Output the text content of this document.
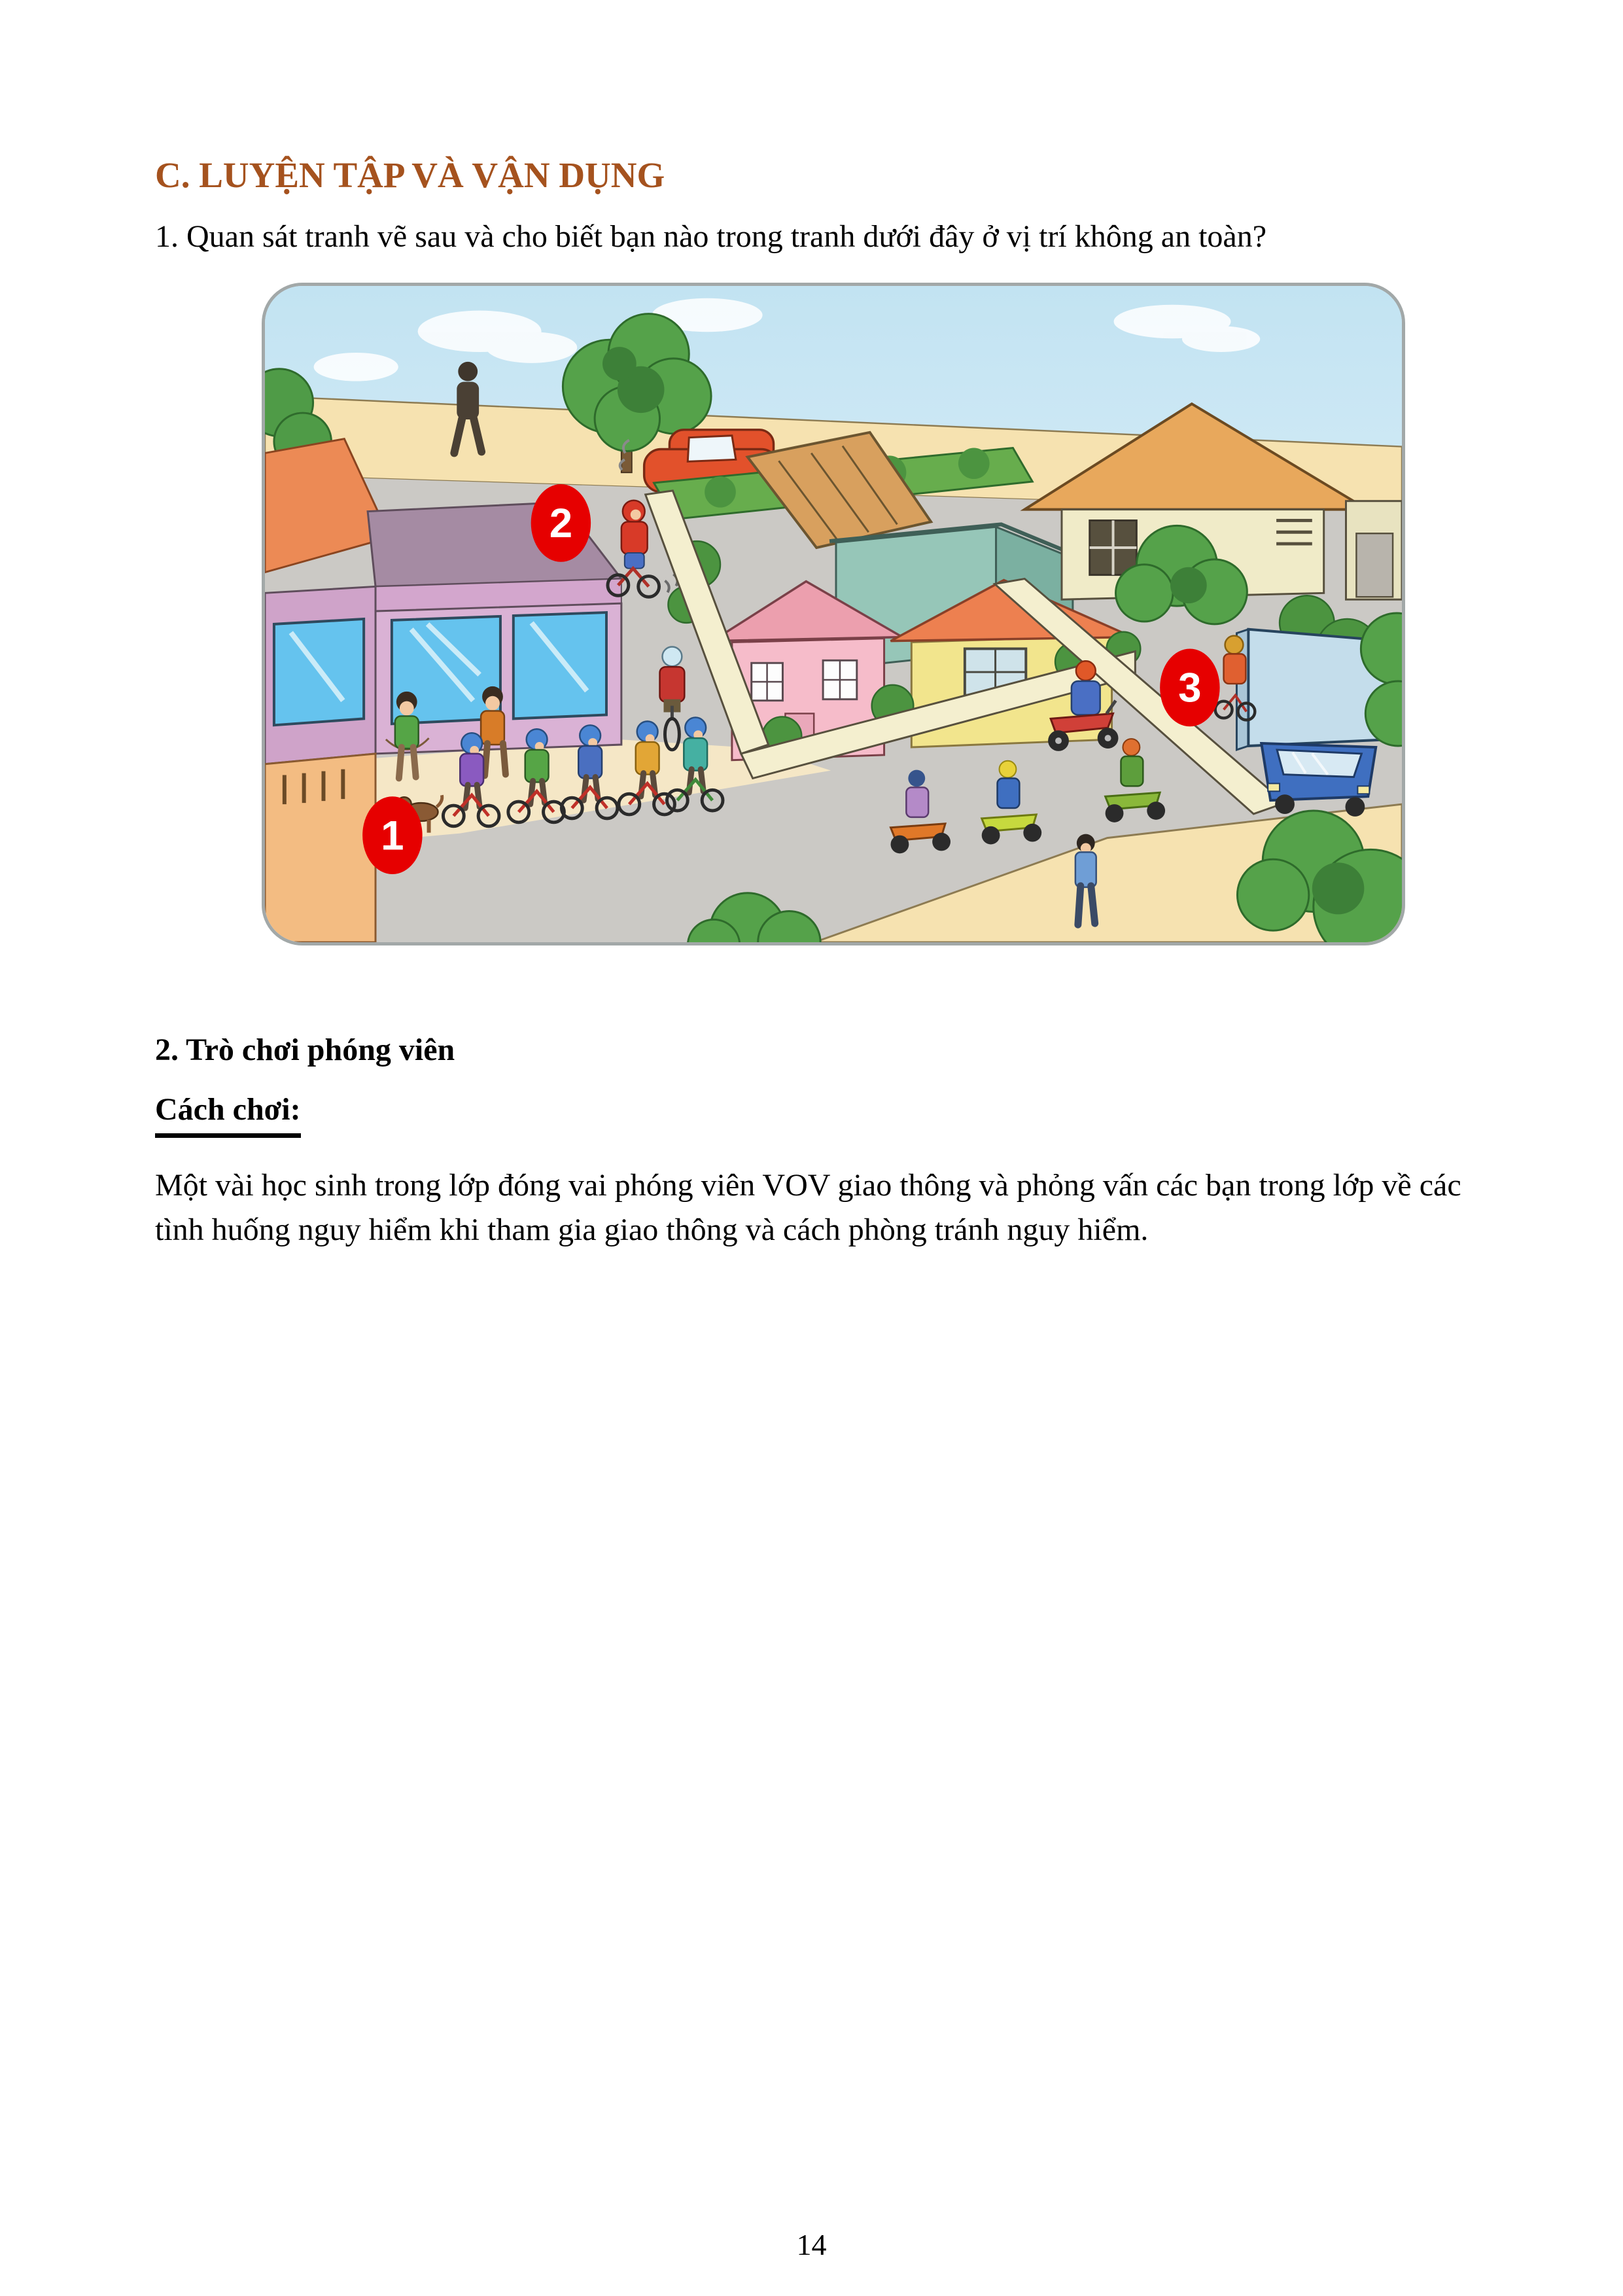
C. LUYỆN TẬP VÀ VẬN DỤNG
1. Quan sát tranh vẽ sau và cho biết bạn nào trong tranh dưới đây ở vị trí không an toàn?
1
2
3
2. Trò chơi phóng viên
Cách chơi:
Một vài học sinh trong lớp đóng vai phóng viên VOV giao thông và phỏng vấn các bạn trong lớp về các tình huống nguy hiểm khi tham gia giao thông và cách phòng tránh nguy hiểm.
14
